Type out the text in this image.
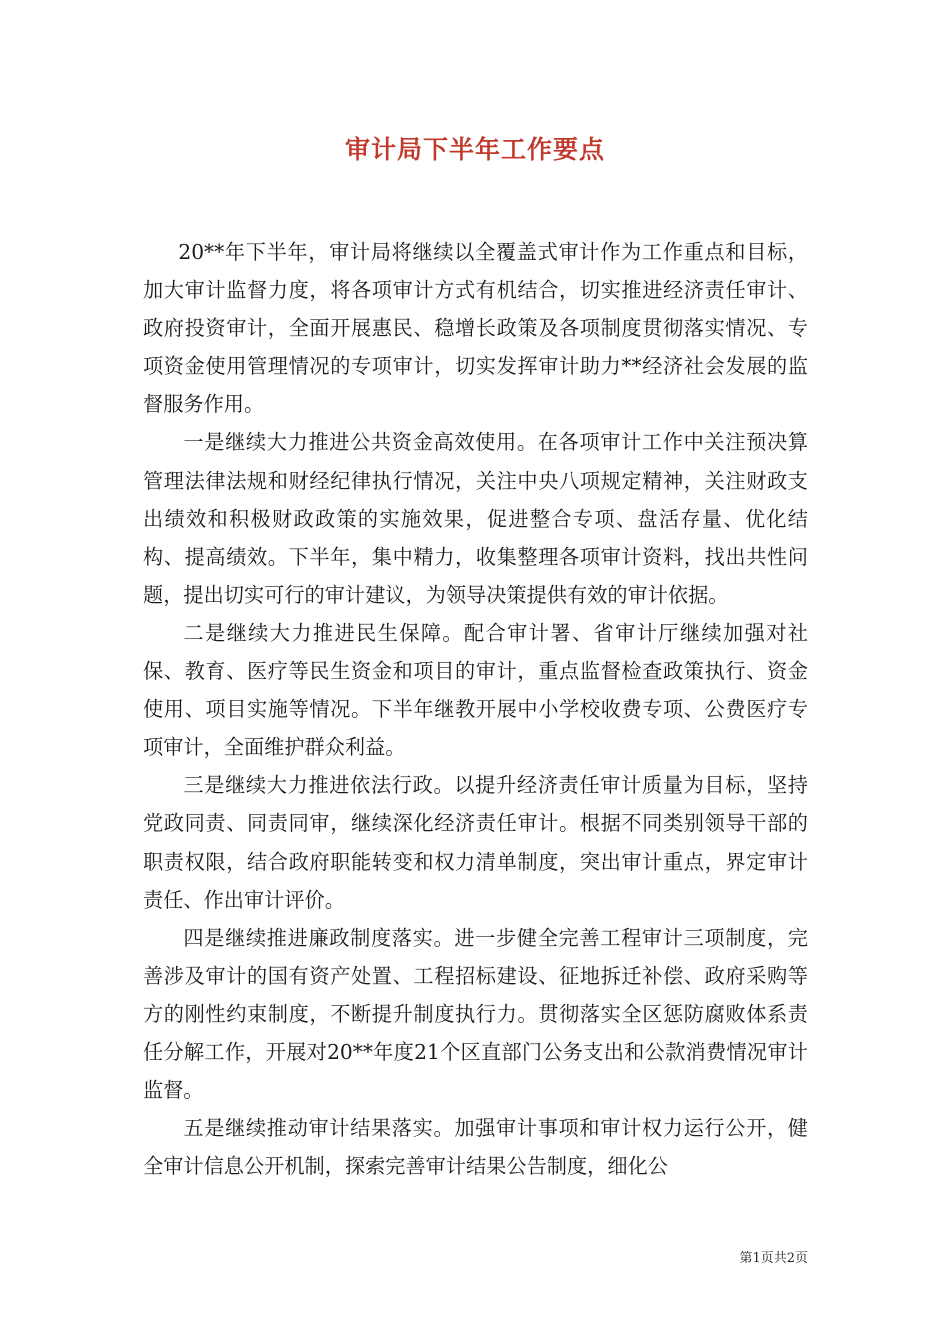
审计局下半年工作要点

20**年下半年，审计局将继续以全覆盖式审计作为工作重点和目标，加大审计监督力度，将各项审计方式有机结合，切实推进经济责任审计、政府投资审计，全面开展惠民、稳增长政策及各项制度贯彻落实情况、专项资金使用管理情况的专项审计，切实发挥审计助力**经济社会发展的监督服务作用。

一是继续大力推进公共资金高效使用。在各项审计工作中关注预决算管理法律法规和财经纪律执行情况，关注中央八项规定精神，关注财政支出绩效和积极财政政策的实施效果，促进整合专项、盘活存量、优化结构、提高绩效。下半年，集中精力，收集整理各项审计资料，找出共性问题，提出切实可行的审计建议，为领导决策提供有效的审计依据。

二是继续大力推进民生保障。配合审计署、省审计厅继续加强对社保、教育、医疗等民生资金和项目的审计，重点监督检查政策执行、资金使用、项目实施等情况。下半年继教开展中小学校收费专项、公费医疗专项审计，全面维护群众利益。

三是继续大力推进依法行政。以提升经济责任审计质量为目标，坚持党政同责、同责同审，继续深化经济责任审计。根据不同类别领导干部的职责权限，结合政府职能转变和权力清单制度，突出审计重点，界定审计责任、作出审计评价。

四是继续推进廉政制度落实。进一步健全完善工程审计三项制度，完善涉及审计的国有资产处置、工程招标建设、征地拆迁补偿、政府采购等方的刚性约束制度，不断提升制度执行力。贯彻落实全区惩防腐败体系责任分解工作，开展对20**年度21个区直部门公务支出和公款消费情况审计监督。

五是继续推动审计结果落实。加强审计事项和审计权力运行公开，健全审计信息公开机制，探索完善审计结果公告制度，细化公

第1页共2页
